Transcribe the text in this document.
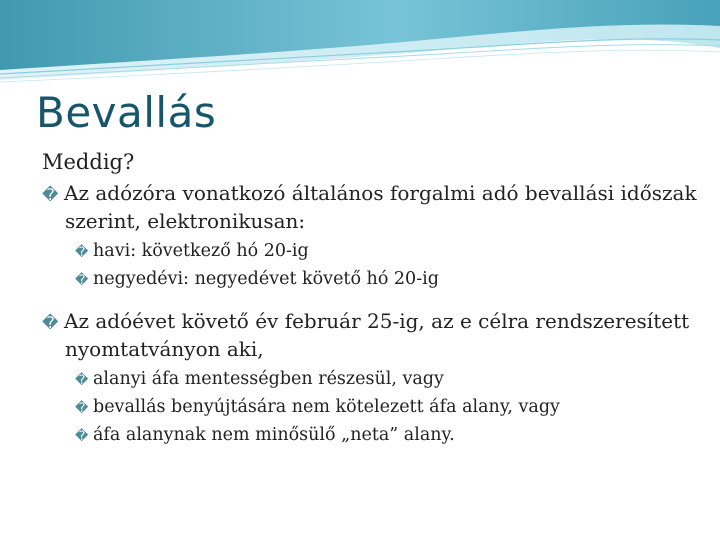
Bevallás
Meddig?

� Az adózóra vonatkozó általános forgalmi adó bevallási időszak szerint, elektronikusan:

� havi: következő hó 20-ig
� negyedévi: negyedévet követő hó 20-ig

� Az adóévet követő év február 25-ig, az e célra rendszeresített nyomtatványon aki,

� alanyi áfa mentességben részesül, vagy
� bevallás benyújtására nem kötelezett áfa alany, vagy
� áfa alanynak nem minősülő „neta” alany.
